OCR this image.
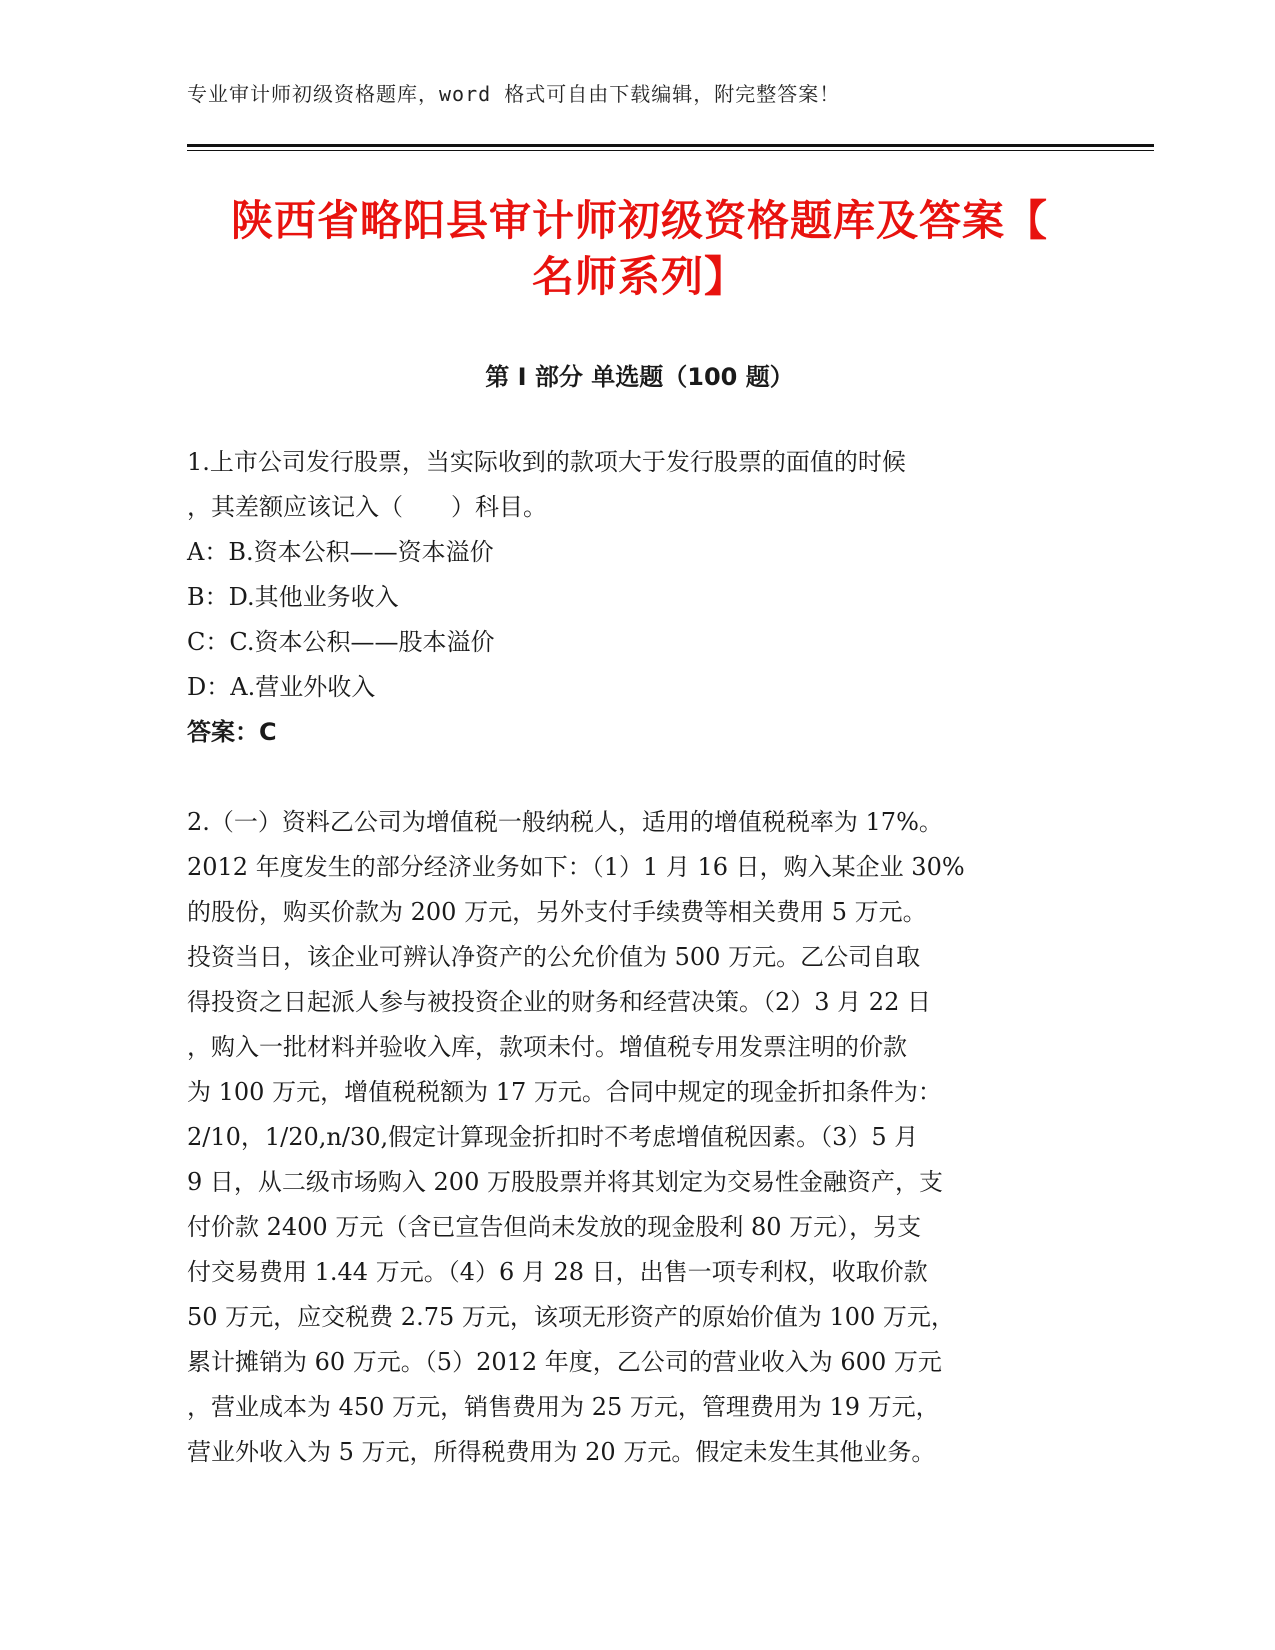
专业审计师初级资格题库，word 格式可自由下载编辑，附完整答案！
陕西省略阳县审计师初级资格题库及答案【
名师系列】
第 I 部分 单选题（100 题）
1.上市公司发行股票，当实际收到的款项大于发行股票的面值的时候
，其差额应该记入（　　）科目。
A：B.资本公积——资本溢价
B：D.其他业务收入
C：C.资本公积——股本溢价
D：A.营业外收入
答案：C
2.（一）资料乙公司为增值税一般纳税人，适用的增值税税率为 17%。
2012 年度发生的部分经济业务如下：（1）1 月 16 日，购入某企业 30%
的股份，购买价款为 200 万元，另外支付手续费等相关费用 5 万元。
投资当日，该企业可辨认净资产的公允价值为 500 万元。乙公司自取
得投资之日起派人参与被投资企业的财务和经营决策。（2）3 月 22 日
，购入一批材料并验收入库，款项未付。增值税专用发票注明的价款
为 100 万元，增值税税额为 17 万元。合同中规定的现金折扣条件为：
2/10，1/20,n/30,假定计算现金折扣时不考虑增值税因素。（3）5 月
9 日，从二级市场购入 200 万股股票并将其划定为交易性金融资产，支
付价款 2400 万元（含已宣告但尚未发放的现金股利 80 万元），另支
付交易费用 1.44 万元。（4）6 月 28 日，出售一项专利权，收取价款
50 万元，应交税费 2.75 万元，该项无形资产的原始价值为 100 万元，
累计摊销为 60 万元。（5）2012 年度，乙公司的营业收入为 600 万元
，营业成本为 450 万元，销售费用为 25 万元，管理费用为 19 万元，
营业外收入为 5 万元，所得税费用为 20 万元。假定未发生其他业务。
